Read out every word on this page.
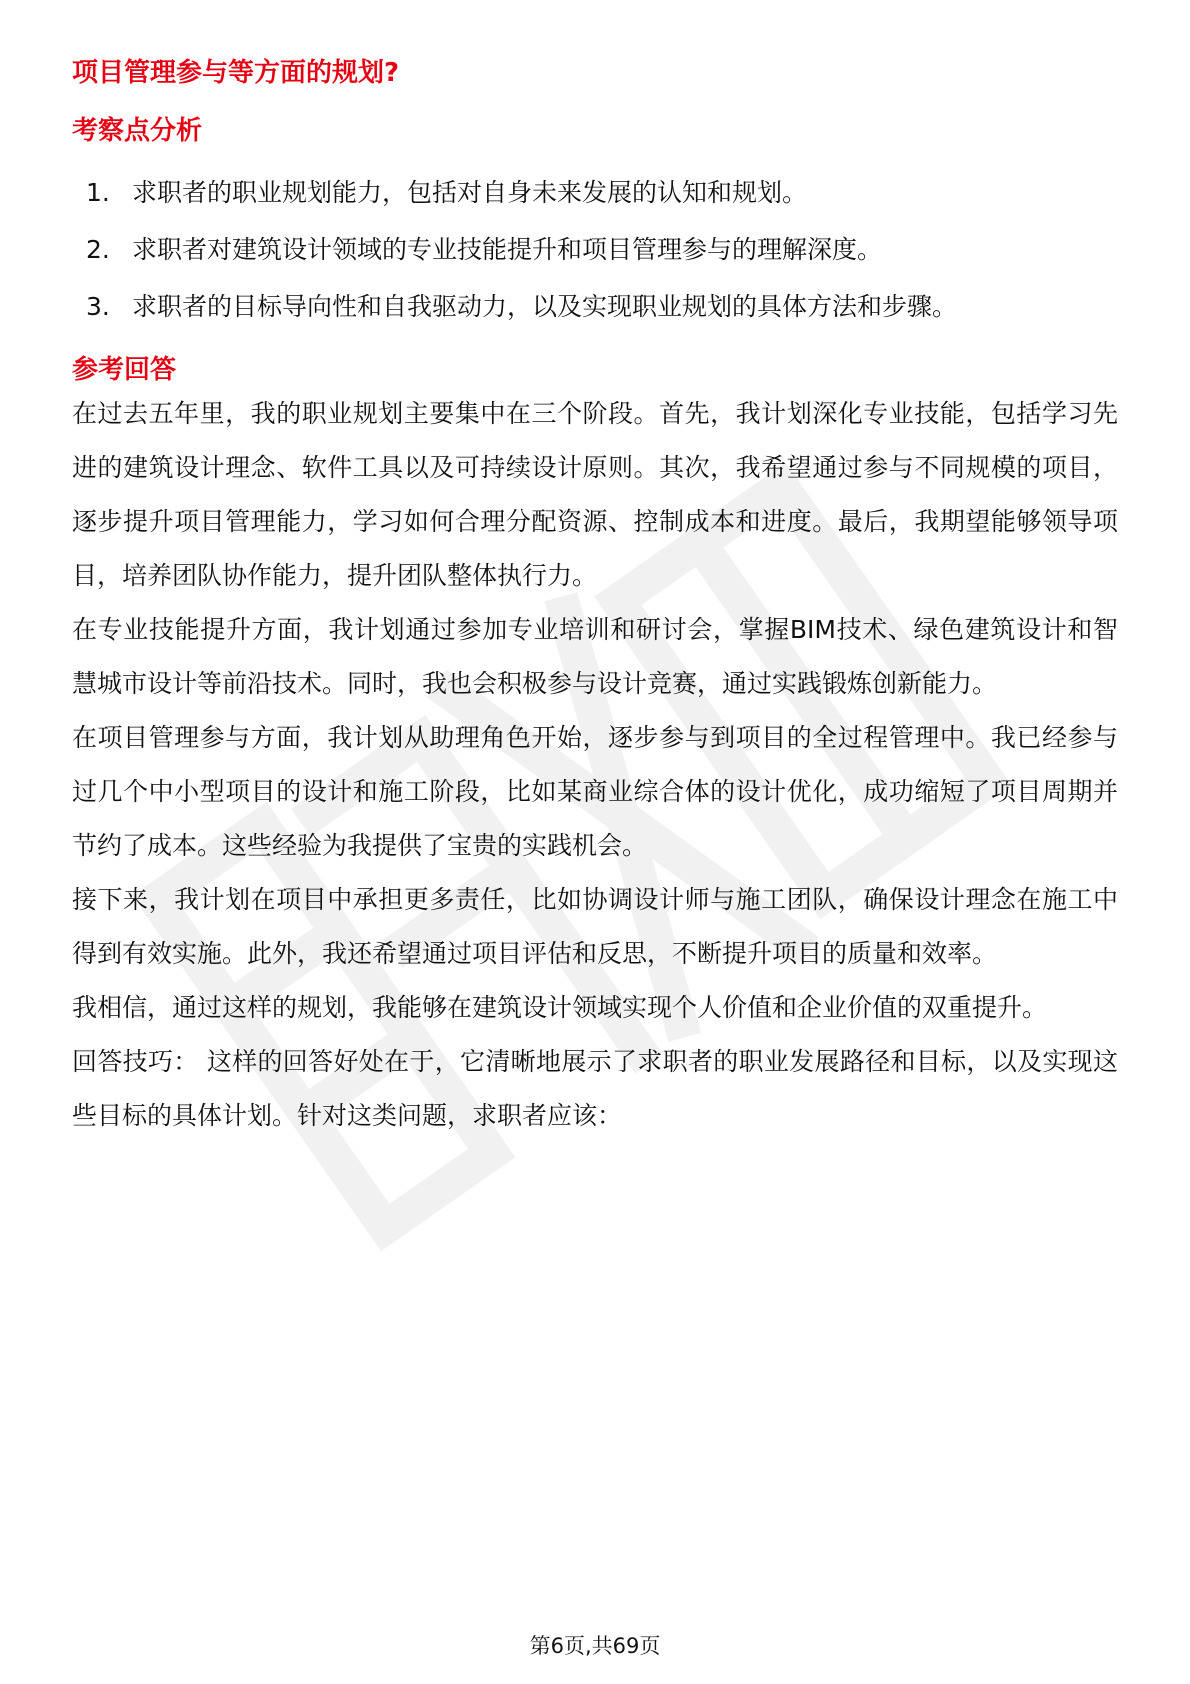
项目管理参与等方面的规划?
考察点分析
1. 求职者的职业规划能力，包括对自身未来发展的认知和规划。
2. 求职者对建筑设计领域的专业技能提升和项目管理参与的理解深度。
3. 求职者的目标导向性和自我驱动力，以及实现职业规划的具体方法和步骤。
参考回答

在过去五年里，我的职业规划主要集中在三个阶段。首先，我计划深化专业技能，包括学习先进的建筑设计理念、软件工具以及可持续设计原则。其次，我希望通过参与不同规模的项目，逐步提升项目管理能力，学习如何合理分配资源、控制成本和进度。最后，我期望能够领导项目，培养团队协作能力，提升团队整体执行力。

在专业技能提升方面，我计划通过参加专业培训和研讨会，掌握BIM技术、绿色建筑设计和智慧城市设计等前沿技术。同时，我也会积极参与设计竞赛，通过实践锻炼创新能力。

在项目管理参与方面，我计划从助理角色开始，逐步参与到项目的全过程管理中。我已经参与过几个中小型项目的设计和施工阶段，比如某商业综合体的设计优化，成功缩短了项目周期并节约了成本。这些经验为我提供了宝贵的实践机会。

接下来，我计划在项目中承担更多责任，比如协调设计师与施工团队，确保设计理念在施工中得到有效实施。此外，我还希望通过项目评估和反思，不断提升项目的质量和效率。

我相信，通过这样的规划，我能够在建筑设计领域实现个人价值和企业价值的双重提升。

回答技巧： 这样的回答好处在于，它清晰地展示了求职者的职业发展路径和目标，以及实现这些目标的具体计划。针对这类问题，求职者应该：

第6页,共69页
